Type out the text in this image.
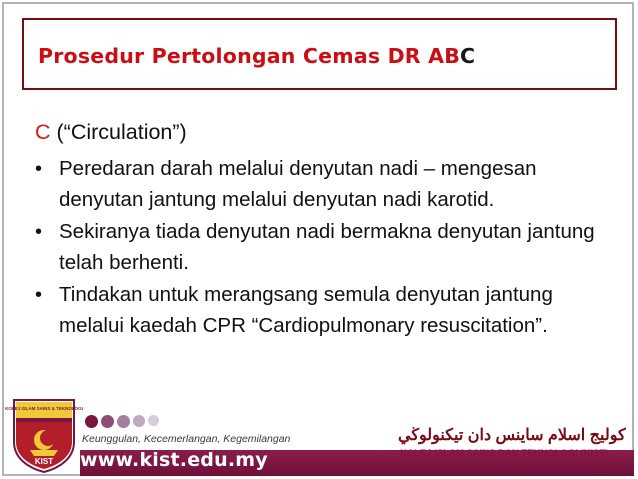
Prosedur Pertolongan Cemas DR ABC
C (“Circulation”)
• Peredaran darah melalui denyutan nadi – mengesan denyutan jantung melalui denyutan nadi karotid.
• Sekiranya tiada denyutan nadi bermakna denyutan jantung telah berhenti.
• Tindakan untuk merangsang semula denyutan jantung melalui kaedah CPR “Cardiopulmonary resuscitation”.
Keunggulan, Kecemerlangan, Kegemilangan
www.kist.edu.my
كوليج اسلام ساينس دان تيكنولوڬي
KOLEJ ISLAM SAINS DAN TEKNOLOGI (KIST)
D4P0081 & T4P5068
KOLEJ ISLAM SAINS & TEKNOLOGI
KIST
